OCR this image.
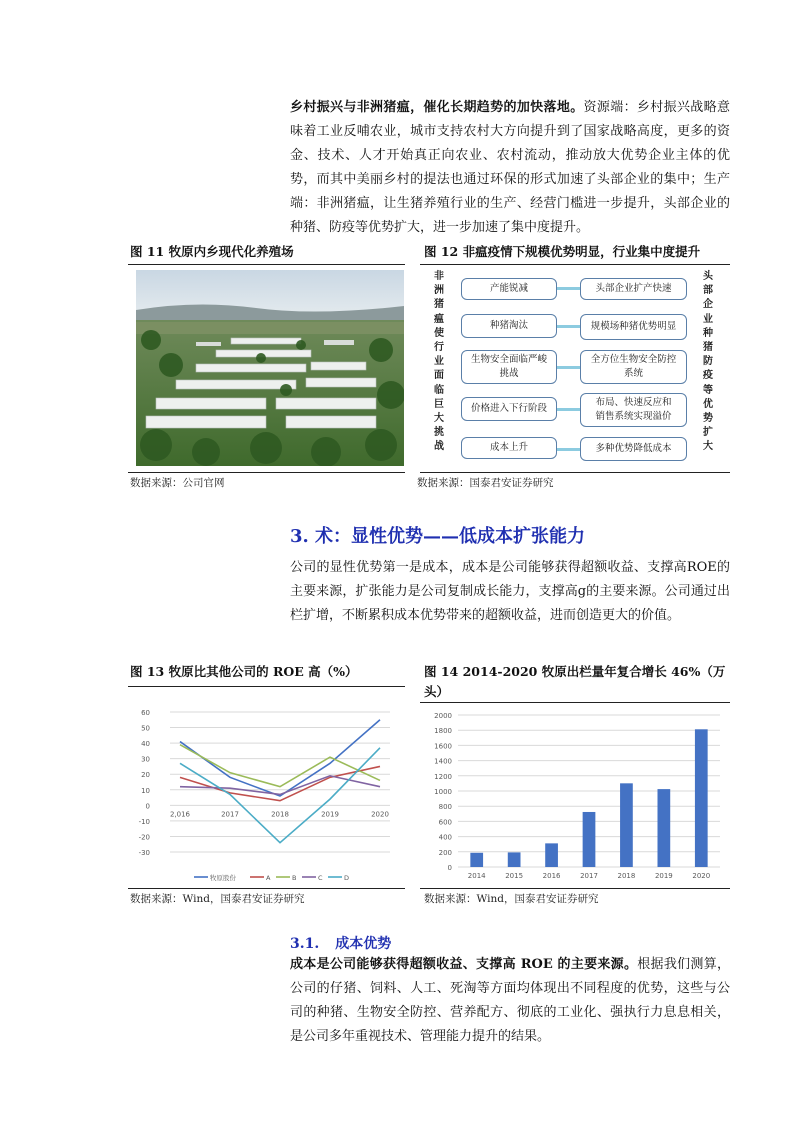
乡村振兴与非洲猪瘟，催化长期趋势的加快落地。资源端：乡村振兴战略意味着工业反哺农业，城市支持农村大方向提升到了国家战略高度，更多的资金、技术、人才开始真正向农业、农村流动，推动放大优势企业主体的优势，而其中美丽乡村的提法也通过环保的形式加速了头部企业的集中；生产端：非洲猪瘟，让生猪养殖行业的生产、经营门槛进一步提升，头部企业的种猪、防疫等优势扩大，进一步加速了集中度提升。
图 11 牧原内乡现代化养殖场
数据来源：公司官网
图 12 非瘟疫情下规模优势明显，行业集中度提升
非洲猪瘟使行业面临巨大挑战
头部企业种猪防疫等优势扩大
产能锐减
种猪淘汰
生物安全面临严峻挑战
价格进入下行阶段
成本上升
头部企业扩产快速
规模场种猪优势明显
全方位生物安全防控系统
布局、快速反应和销售系统实现溢价
多种优势降低成本
数据来源：国泰君安证券研究
3. 术：显性优势——低成本扩张能力
公司的显性优势第一是成本，成本是公司能够获得超额收益、支撑高ROE的主要来源，扩张能力是公司复制成长能力，支撑高g的主要来源。公司通过出栏扩增，不断累积成本优势带来的超额收益，进而创造更大的价值。
图 13 牧原比其他公司的 ROE 高（%）
-30
-20
-10
0
10
20
30
40
50
60
2,016	2017	2018	2019	2020
牧原股份	A	B	C	D
数据来源：Wind，国泰君安证券研究
图 14 2014-2020 牧原出栏量年复合增长 46%（万头）
0
200
400
600
800
1000
1200
1400
1600
1800
2000
2014	2015	2016	2017	2018	2019	2020
数据来源：Wind，国泰君安证券研究
3.1. 成本优势
成本是公司能够获得超额收益、支撑高 ROE 的主要来源。根据我们测算，公司的仔猪、饲料、人工、死淘等方面均体现出不同程度的优势，这些与公司的种猪、生物安全防控、营养配方、彻底的工业化、强执行力息息相关，是公司多年重视技术、管理能力提升的结果。
